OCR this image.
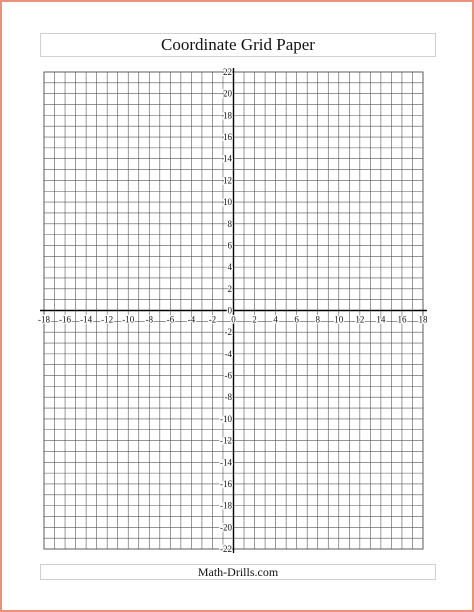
Coordinate Grid Paper
Math-Drills.com
-18 -16 -14 -12 -10 -8 -6 -4 -2 0 2 4 6 8 10 12 14 16 18
22
20
18
16
14
12
10
8
6
4
2
0
-2
-4
-6
-8
-10
-12
-14
-16
-18
-20
-22
